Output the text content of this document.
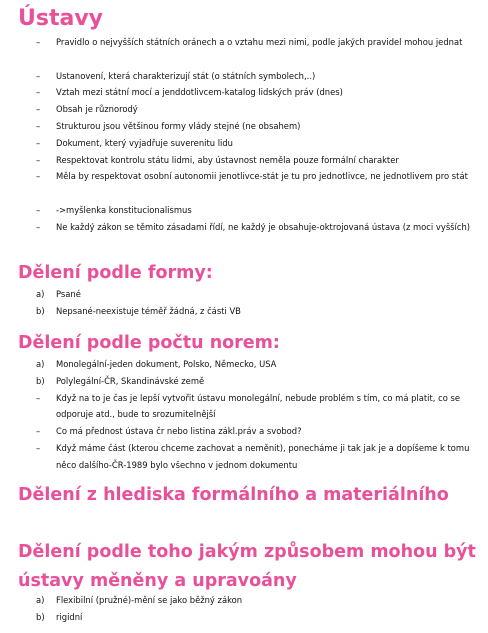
Ústavy
– Pravidlo o nejvyšších státních oránech a o vztahu mezi nimi, podle jakých pravidel mohou jednat
– Ustanovení, která charakterizují stát (o státních symbolech,..)
– Vztah mezi státní mocí a jenddotlivcem-katalog lidských práv (dnes)
– Obsah je různorodý
– Strukturou jsou většinou formy vlády stejné (ne obsahem)
– Dokument, který vyjadřuje suverenitu lidu
– Respektovat kontrolu státu lidmi, aby ústavnost neměla pouze formální charakter
– Měla by respektovat osobní autonomii jenotlivce-stát je tu pro jednotlivce, ne jednotlivem pro stát
– ->myšlenka konstitucionalismus
– Ne každý zákon se těmito zásadami řídí, ne každý je obsahuje-oktrojovaná ústava (z moci vyšších)
Dělení podle formy:
a) Psané
b) Nepsané-neexistuje téměř žádná, z části VB
Dělení podle počtu norem:
a) Monolegální-jeden dokument, Polsko, Německo, USA
b) Polylegální-ČR, Skandinávské země
– Když na to je čas je lepší vytvořit ústavu monolegální, nebude problém s tím, co má platit, co se odporuje atd., bude to srozumitelnější
– Co má přednost ústava čr nebo listina zákl.práv a svobod?
– Když máme část (kterou chceme zachovat a neměnit), ponecháme ji tak jak je a dopíšeme k tomu něco dalšího-ČR-1989 bylo všechno v jednom dokumentu
Dělení z hlediska formálního a materiálního
Dělení podle toho jakým způsobem mohou být ústavy měněny a upravoány
a) Flexibilní (pružné)-mění se jako běžný zákon
b) rigidní
